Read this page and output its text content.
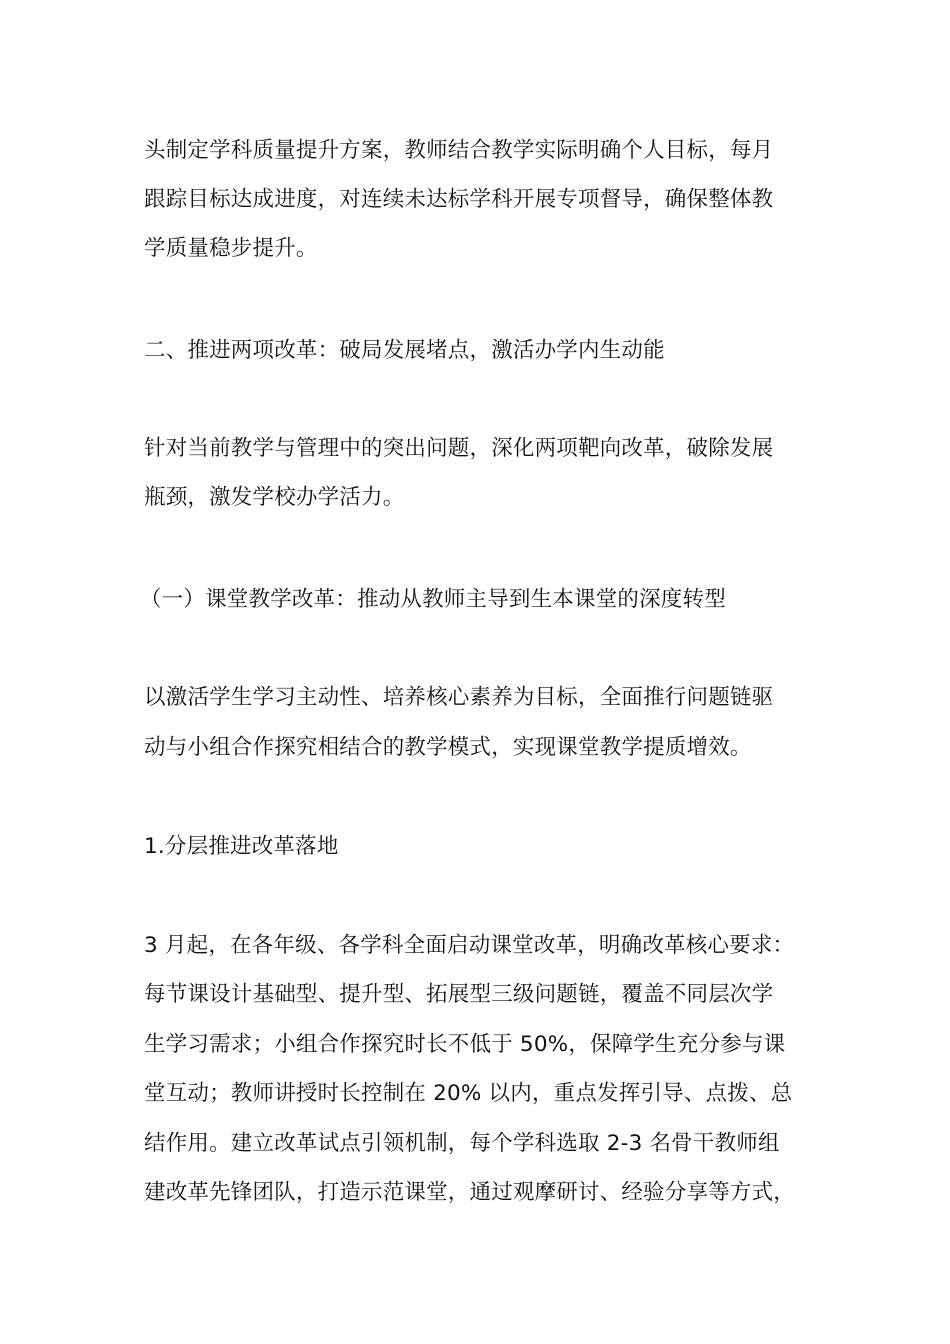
头制定学科质量提升方案，教师结合教学实际明确个人目标，每月
跟踪目标达成进度，对连续未达标学科开展专项督导，确保整体教
学质量稳步提升。
二、推进两项改革：破局发展堵点，激活办学内生动能
针对当前教学与管理中的突出问题，深化两项靶向改革，破除发展
瓶颈，激发学校办学活力。
（一）课堂教学改革：推动从教师主导到生本课堂的深度转型
以激活学生学习主动性、培养核心素养为目标，全面推行问题链驱
动与小组合作探究相结合的教学模式，实现课堂教学提质增效。
1.分层推进改革落地
3 月起，在各年级、各学科全面启动课堂改革，明确改革核心要求：
每节课设计基础型、提升型、拓展型三级问题链，覆盖不同层次学
生学习需求；小组合作探究时长不低于 50%，保障学生充分参与课
堂互动；教师讲授时长控制在 20% 以内，重点发挥引导、点拨、总
结作用。建立改革试点引领机制，每个学科选取 2-3 名骨干教师组
建改革先锋团队，打造示范课堂，通过观摩研讨、经验分享等方式，
